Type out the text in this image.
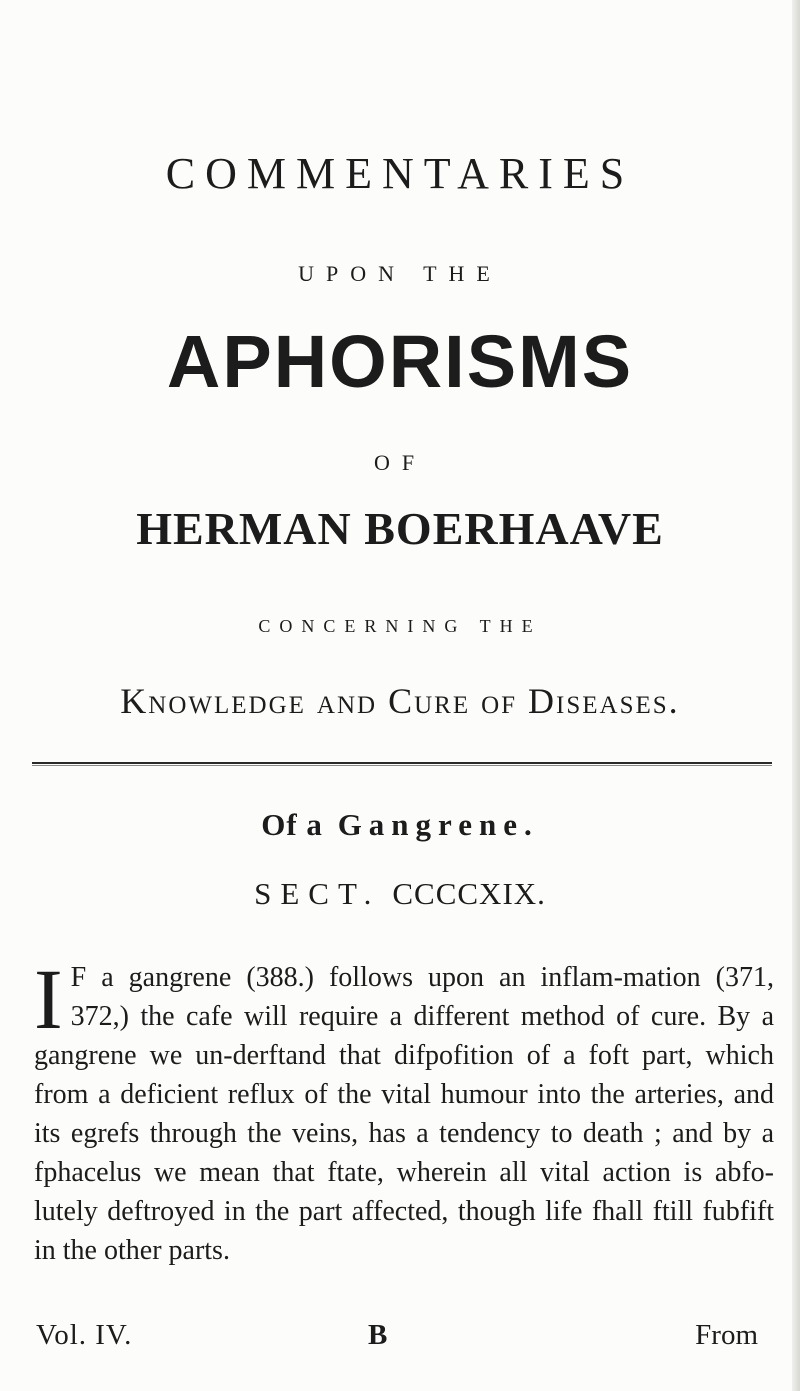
COMMENTARIES
UPON THE
APHORISMS
OF
HERMAN BOERHAAVE
CONCERNING THE
Knowledge and Cure of Diseases.
Of a Gangrene.
SECT. CCCCXIX.

I F a gangrene (388.) follows upon an inflam-mation (371, 372,) the cafe will require a different method of cure. By a gangrene we un-derftand that difpofition of a foft part, which from a deficient reflux of the vital humour into the arteries, and its egrefs through the veins, has a tendency to death ; and by a fphacelus we mean that ftate, wherein all vital action is abfo-lutely deftroyed in the part affected, though life fhall ftill fubfift in the other parts.

Vol. IV.	B	From
